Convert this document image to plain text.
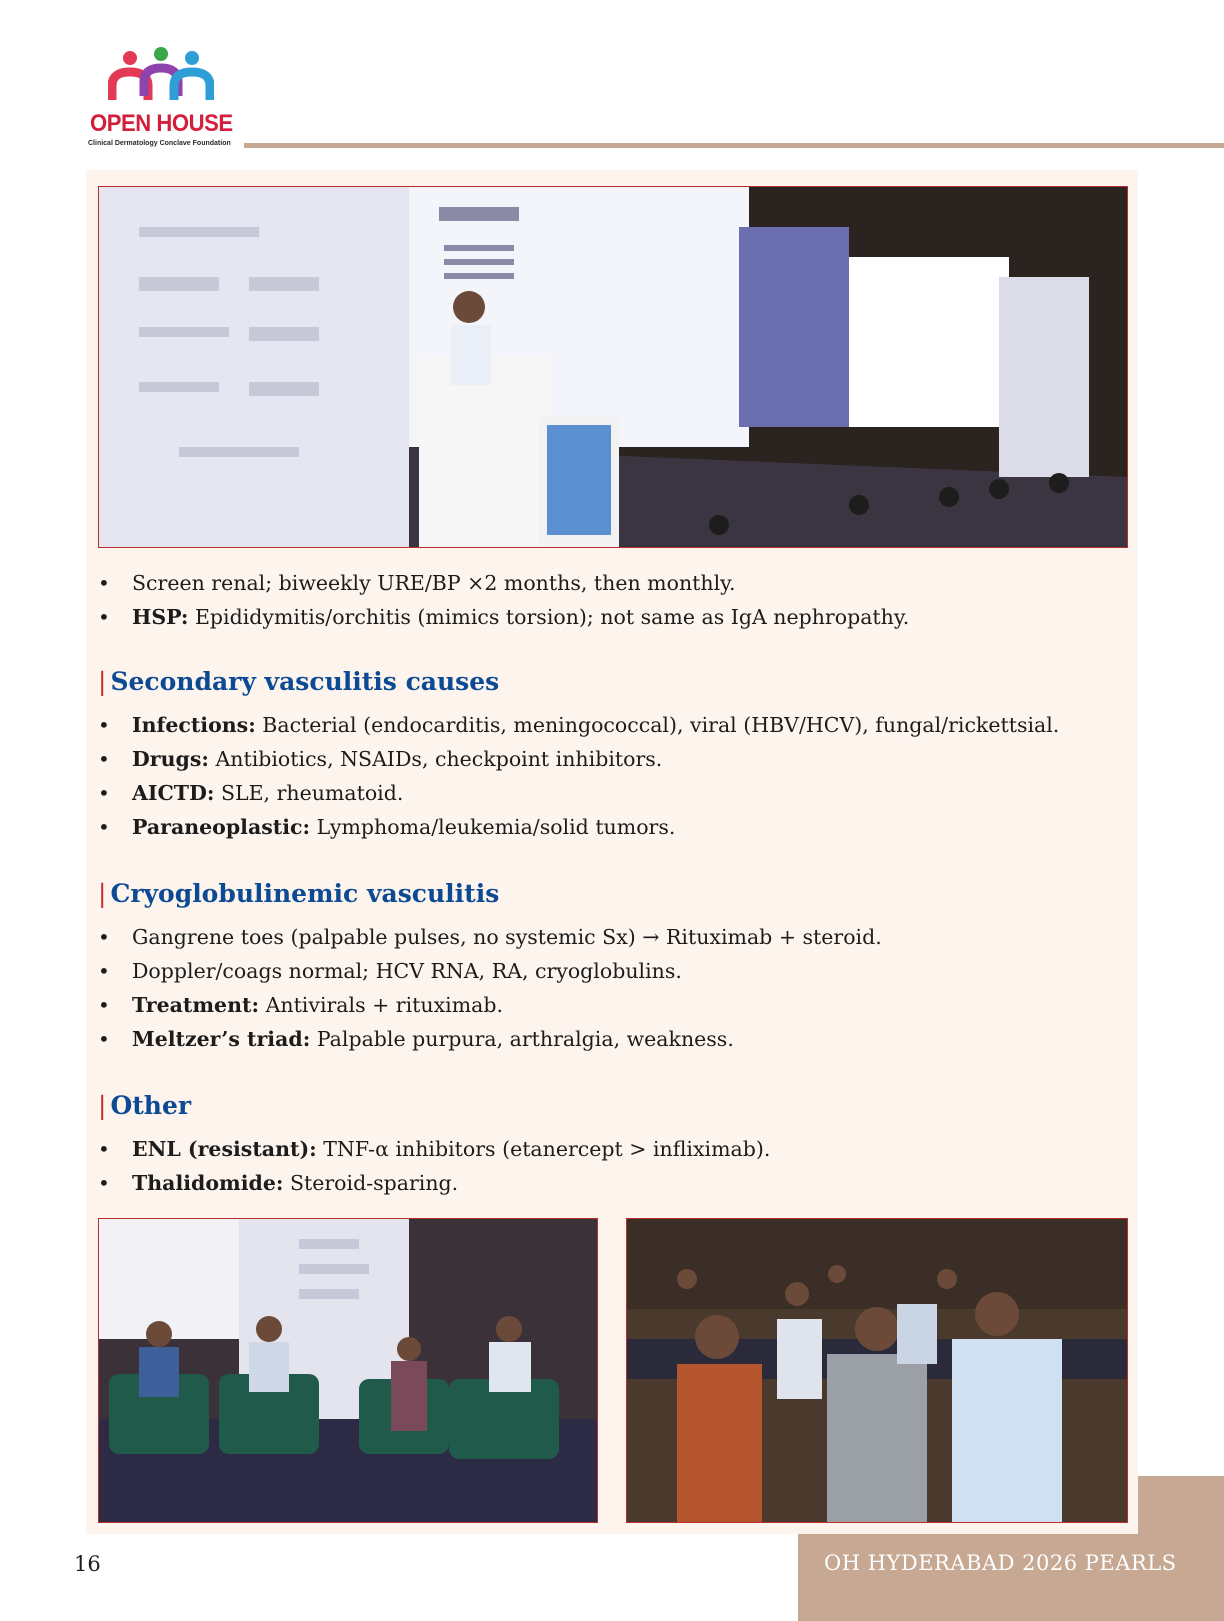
OPEN HOUSE
Clinical Dermatology Conclave Foundation
• Screen renal; biweekly URE/BP ×2 months, then monthly.
• HSP: Epididymitis/orchitis (mimics torsion); not same as IgA nephropathy.
| Secondary vasculitis causes
• Infections: Bacterial (endocarditis, meningococcal), viral (HBV/HCV), fungal/rickettsial.
• Drugs: Antibiotics, NSAIDs, checkpoint inhibitors.
• AICTD: SLE, rheumatoid.
• Paraneoplastic: Lymphoma/leukemia/solid tumors.
| Cryoglobulinemic vasculitis
• Gangrene toes (palpable pulses, no systemic Sx) → Rituximab + steroid.
• Doppler/coags normal; HCV RNA, RA, cryoglobulins.
• Treatment: Antivirals + rituximab.
• Meltzer’s triad: Palpable purpura, arthralgia, weakness.
| Other
• ENL (resistant): TNF-α inhibitors (etanercept > infliximab).
• Thalidomide: Steroid-sparing.
OH HYDERABAD 2026 PEARLS
16
